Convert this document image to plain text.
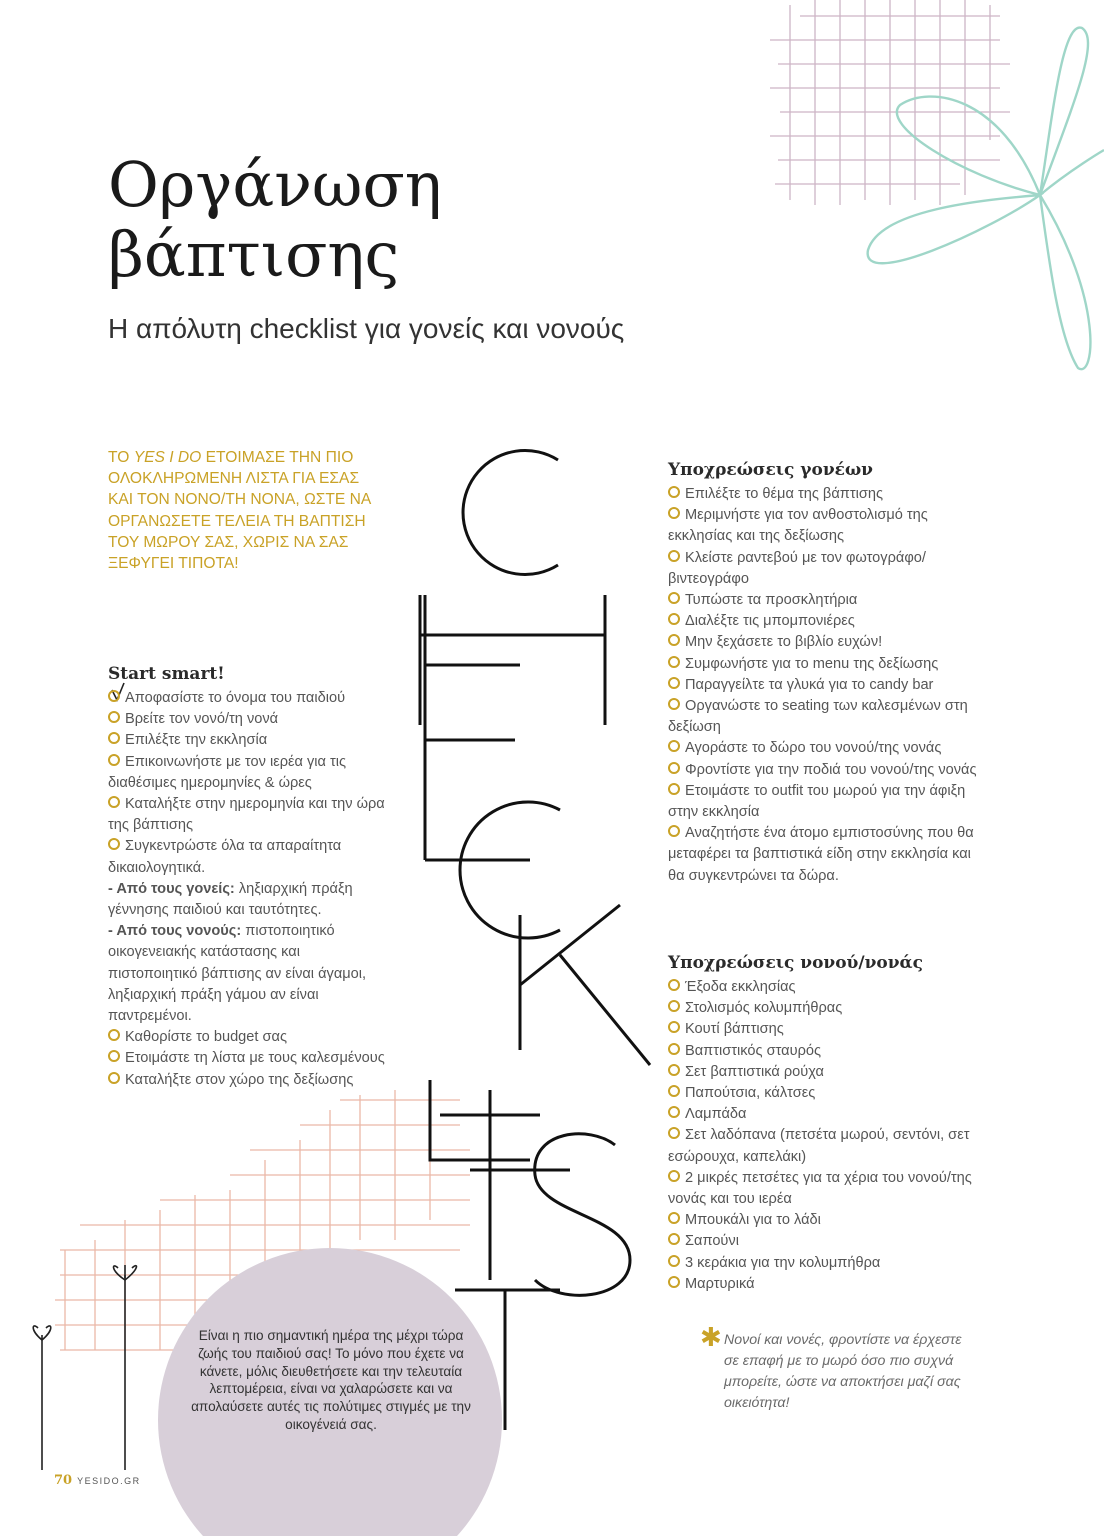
Οργάνωση
βάπτισης
Η απόλυτη checklist για γονείς και νονούς
ΤΟ YES I DO ΕΤΟΙΜΑΣΕ ΤΗΝ ΠΙΟ ΟΛΟΚΛΗΡΩΜΕΝΗ ΛΙΣΤΑ ΓΙΑ ΕΣΑΣ ΚΑΙ ΤΟΝ ΝΟΝΟ/ΤΗ ΝΟΝΑ, ΩΣΤΕ ΝΑ ΟΡΓΑΝΩΣΕΤΕ ΤΕΛΕΙΑ ΤΗ ΒΑΠΤΙΣΗ ΤΟΥ ΜΩΡΟΥ ΣΑΣ, ΧΩΡΙΣ ΝΑ ΣΑΣ ΞΕΦΥΓΕΙ ΤΙΠΟΤΑ!
Start smart!
Αποφασίστε το όνομα του παιδιού
Βρείτε τον νονό/τη νονά
Επιλέξτε την εκκλησία
Επικοινωνήστε με τον ιερέα για τις διαθέσιμες ημερομηνίες & ώρες
Καταλήξτε στην ημερομηνία και την ώρα της βάπτισης
Συγκεντρώστε όλα τα απαραίτητα δικαιολογητικά.
- Από τους γονείς: ληξιαρχική πράξη γέννησης παιδιού και ταυτότητες.
- Από τους νονούς: πιστοποιητικό οικογενειακής κατάστασης και πιστοποιητικό βάπτισης αν είναι άγαμοι, ληξιαρχική πράξη γάμου αν είναι παντρεμένοι.
Καθορίστε το budget σας
Ετοιμάστε τη λίστα με τους καλεσμένους
Καταλήξτε στον χώρο της δεξίωσης
Υποχρεώσεις γονέων
Επιλέξτε το θέμα της βάπτισης
Μεριμνήστε για τον ανθοστολισμό της εκκλησίας και της δεξίωσης
Κλείστε ραντεβού με τον φωτογράφο/βιντεογράφο
Τυπώστε τα προσκλητήρια
Διαλέξτε τις μπομπονιέρες
Μην ξεχάσετε το βιβλίο ευχών!
Συμφωνήστε για το menu της δεξίωσης
Παραγγείλτε τα γλυκά για το candy bar
Οργανώστε το seating των καλεσμένων στη δεξίωση
Αγοράστε το δώρο του νονού/της νονάς
Φροντίστε για την ποδιά του νονού/της νονάς
Ετοιμάστε το outfit του μωρού για την άφιξη στην εκκλησία
Αναζητήστε ένα άτομο εμπιστοσύνης που θα μεταφέρει τα βαπτιστικά είδη στην εκκλησία και θα συγκεντρώνει τα δώρα.
Υποχρεώσεις νονού/νονάς
Έξοδα εκκλησίας
Στολισμός κολυμπήθρας
Κουτί βάπτισης
Βαπτιστικός σταυρός
Σετ βαπτιστικά ρούχα
Παπούτσια, κάλτσες
Λαμπάδα
Σετ λαδόπανα (πετσέτα μωρού, σεντόνι, σετ εσώρουχα, καπελάκι)
2 μικρές πετσέτες για τα χέρια του νονού/της νονάς και του ιερέα
Μπουκάλι για το λάδι
Σαπούνι
3 κεράκια για την κολυμπήθρα
Μαρτυρικά
Είναι η πιο σημαντική ημέρα της μέχρι τώρα ζωής του παιδιού σας! Το μόνο που έχετε να κάνετε, μόλις διευθετήσετε και την τελευταία λεπτομέρεια, είναι να χαλαρώσετε και να απολαύσετε αυτές τις πολύτιμες στιγμές με την οικογένειά σας.
✱ Νονοί και νονές, φροντίστε να έρχεστε σε επαφή με το μωρό όσο πιο συχνά μπορείτε, ώστε να αποκτήσει μαζί σας οικειότητα!
70 YESIDO.GR
